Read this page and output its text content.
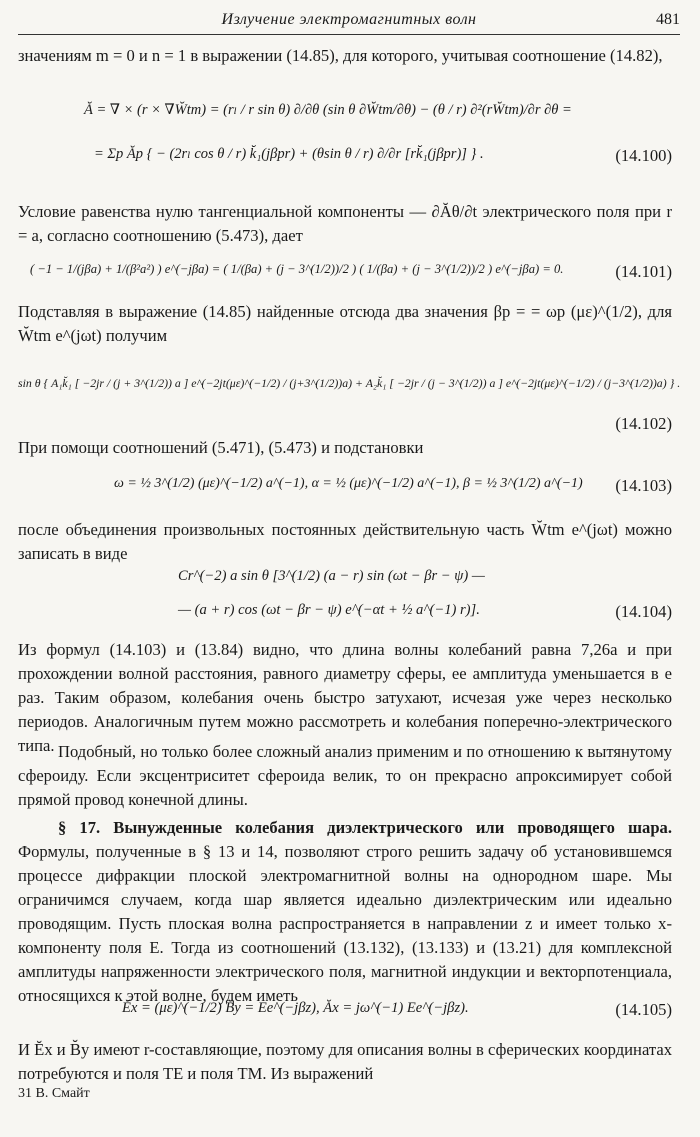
Излучение электромагнитных волн	481

значениям m = 0 и n = 1 в выражении (14.85), для которого, учитывая соотношение (14.82),

Ă = ∇ × (r × ∇W̆tm) = (rₗ / r sin θ) ∂/∂θ (sin θ ∂W̆tm/∂θ) − (θ / r) ∂²(rW̆tm)/∂r ∂θ =
= Σp Ăp { − (2rₗ cos θ / r) k̆₁(jβpr) + (θsin θ / r) ∂/∂r [rk̆₁(jβpr)] } .	(14.100)

Условие равенства нулю тангенциальной компоненты — ∂Ăθ/∂t электрического поля при r = a, согласно соотношению (5.473), дает

( −1 − 1/(jβa) + 1/(β²a²) ) e^(−jβa) = ( 1/(βa) + (j − 3^(1/2))/2 ) ( 1/(βa) + (j − 3^(1/2))/2 ) e^(−jβa) = 0.	(14.101)

Подставляя в выражение (14.85) найденные отсюда два значения βp = = ωp (με)^(1/2), для W̆tm e^(jωt) получим

sin θ { A₁k̆₁ [ −2jr / (j + 3^(1/2)) a ] e^(−2jt(με)^(−1/2) / (j+3^(1/2))a) + A₂k̆₁ [ −2jr / (j − 3^(1/2)) a ] e^(−2jt(με)^(−1/2) / (j−3^(1/2))a) } .
(14.102)

При помощи соотношений (5.471), (5.473) и подстановки

ω = ½ 3^(1/2) (με)^(−1/2) a^(−1), α = ½ (με)^(−1/2) a^(−1), β = ½ 3^(1/2) a^(−1) (14.103)

после объединения произвольных постоянных действительную часть W̆tm e^(jωt) можно записать в виде

Cr^(−2) a sin θ [3^(1/2) (a − r) sin (ωt − βr − ψ) —
— (a + r) cos (ωt − βr − ψ) e^(−αt + ½ a^(−1) r)].	(14.104)

Из формул (14.103) и (13.84) видно, что длина волны колебаний равна 7,26a и при прохождении волной расстояния, равного диаметру сферы, ее амплитуда уменьшается в e раз. Таким образом, колебания очень быстро затухают, исчезая уже через несколько периодов. Аналогичным путем можно рассмотреть и колебания поперечно-электрического типа. Подобный, но только более сложный анализ применим и по отношению к вытянутому сфероиду. Если эксцентриситет сфероида велик, то он прекрасно апроксимирует собой прямой провод конечной длины.

§ 17. Вынужденные колебания диэлектрического или проводящего шара. Формулы, полученные в § 13 и 14, позволяют строго решить задачу об установившемся процессе дифракции плоской электромагнитной волны на однородном шаре. Мы ограничимся случаем, когда шар является идеально диэлектрическим или идеально проводящим. Пусть плоская волна распространяется в направлении z и имеет только x-компоненту поля E. Тогда из соотношений (13.132), (13.133) и (13.21) для комплексной амплитуды напряженности электрического поля, магнитной индукции и векторпотенциала, относящихся к этой волне, будем иметь

Ĕx = (με)^(−1/2) B̆y = Ee^(−jβz), Ăx = jω^(−1) Ee^(−jβz).	(14.105)

И Ĕx и B̆y имеют r-составляющие, поэтому для описания волны в сферических координатах потребуются и поля TE и поля TM. Из выражений

31 В. Смайт
